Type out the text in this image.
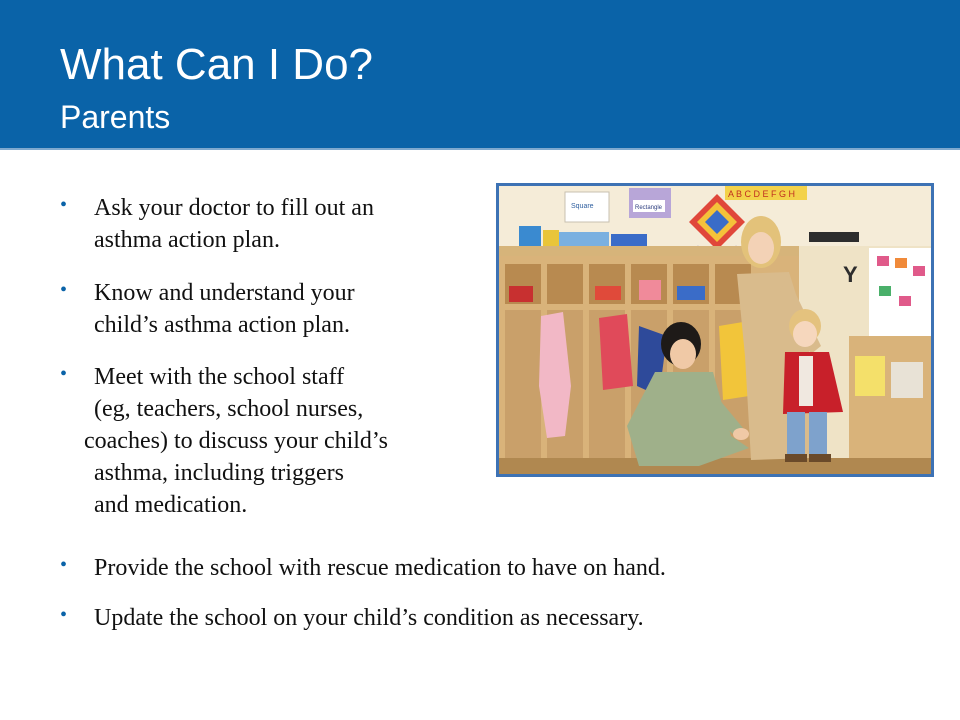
What Can I Do?
Parents
•	Ask your doctor to fill out an
asthma action plan.
•	Know and understand your
child’s asthma action plan.
•	Meet with the school staff
(eg, teachers, school nurses,
coaches) to discuss your child’s
asthma, including triggers
and medication.
•	Provide the school with rescue medication to have on hand.
•	Update the school on your child’s condition as necessary.
Square	Rectangle
A B C D E F G H
Y
